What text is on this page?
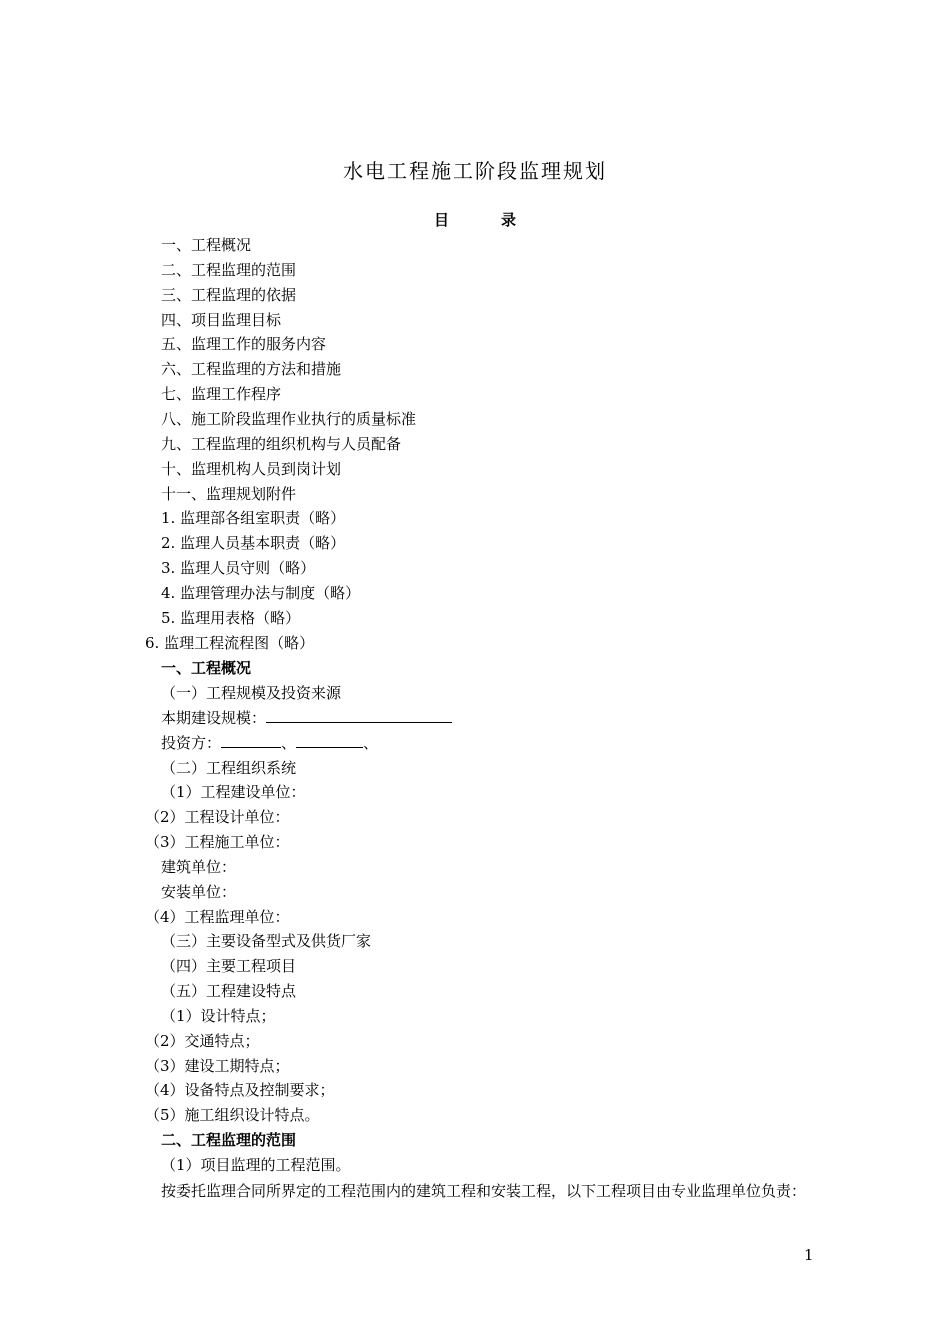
水电工程施工阶段监理规划
目	录
一、工程概况
二、工程监理的范围
三、工程监理的依据
四、项目监理目标
五、监理工作的服务内容
六、工程监理的方法和措施
七、监理工作程序
八、施工阶段监理作业执行的质量标准
九、工程监理的组织机构与人员配备
十、监理机构人员到岗计划
十一、监理规划附件
1. 监理部各组室职责（略）
2. 监理人员基本职责（略）
3. 监理人员守则（略）
4. 监理管理办法与制度（略）
5. 监理用表格（略）
6. 监理工程流程图（略）
一、工程概况
（一）工程规模及投资来源
本期建设规模：
投资方：	、	、
（二）工程组织系统
（1）工程建设单位：
（2）工程设计单位：
（3）工程施工单位：
建筑单位：
安装单位：
（4）工程监理单位：
（三）主要设备型式及供货厂家
（四）主要工程项目
（五）工程建设特点
（1）设计特点；
（2）交通特点；
（3）建设工期特点；
（4）设备特点及控制要求；
（5）施工组织设计特点。
二、工程监理的范围
（1）项目监理的工程范围。
按委托监理合同所界定的工程范围内的建筑工程和安装工程，以下工程项目由专业监理单位负责：
1
